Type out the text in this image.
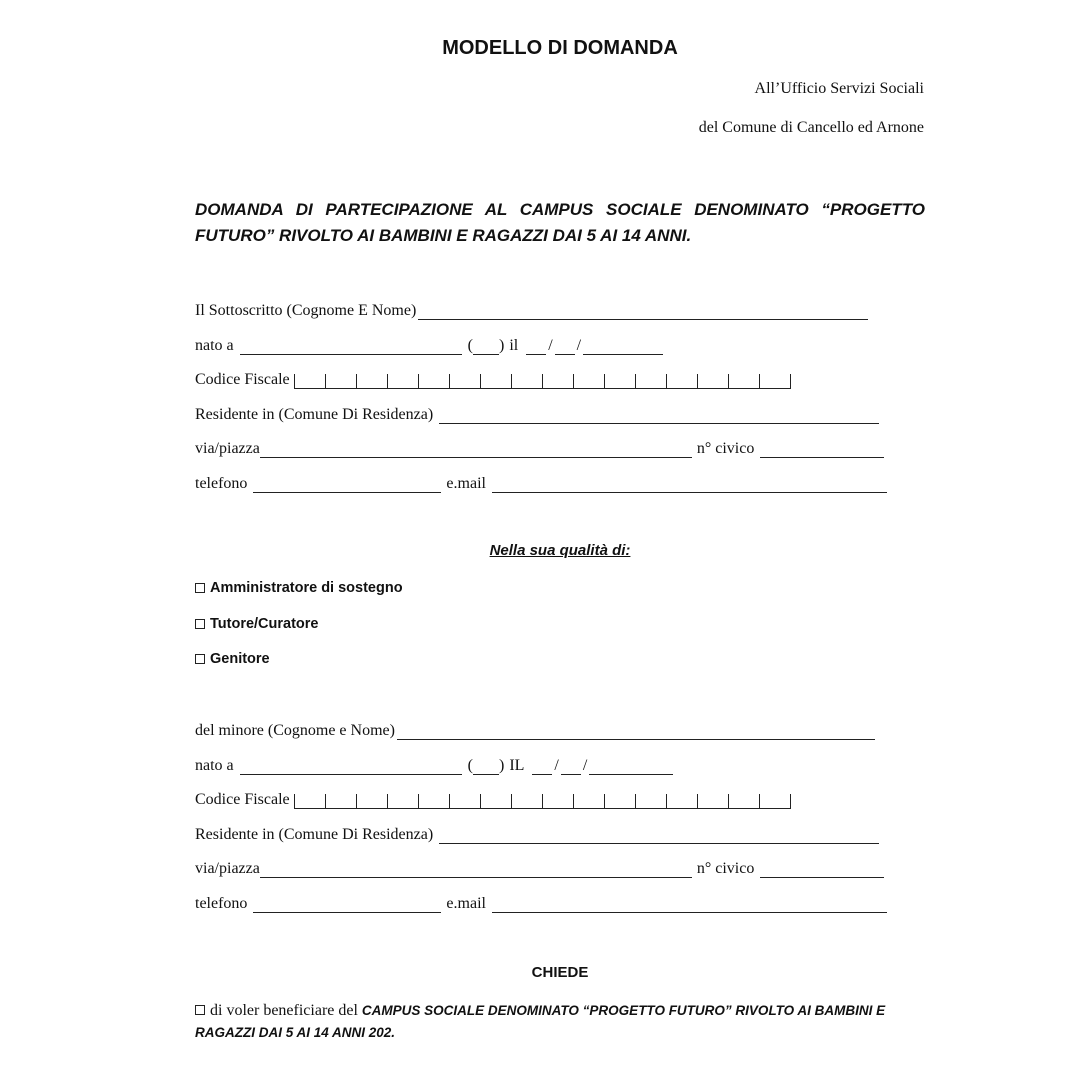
MODELLO DI DOMANDA
All’Ufficio Servizi Sociali
del Comune di Cancello ed Arnone
DOMANDA DI PARTECIPAZIONE AL CAMPUS SOCIALE DENOMINATO “PROGETTO FUTURO” RIVOLTO AI BAMBINI E RAGAZZI DAI 5 AI 14 ANNI.
Il Sottoscritto (Cognome E Nome)
nato a	( ) il / /
Codice Fiscale
Residente in (Comune Di Residenza)
via/piazza	n° civico
telefono	e.mail
Nella sua qualità di:
Amministratore di sostegno
Tutore/Curatore
Genitore
del minore (Cognome e Nome)
nato a	( ) IL / /
Codice Fiscale
Residente in (Comune Di Residenza)
via/piazza	n° civico
telefono	e.mail
CHIEDE
di voler beneficiare del CAMPUS SOCIALE DENOMINATO “PROGETTO FUTURO” RIVOLTO AI BAMBINI E RAGAZZI DAI 5 AI 14 ANNI 202.
